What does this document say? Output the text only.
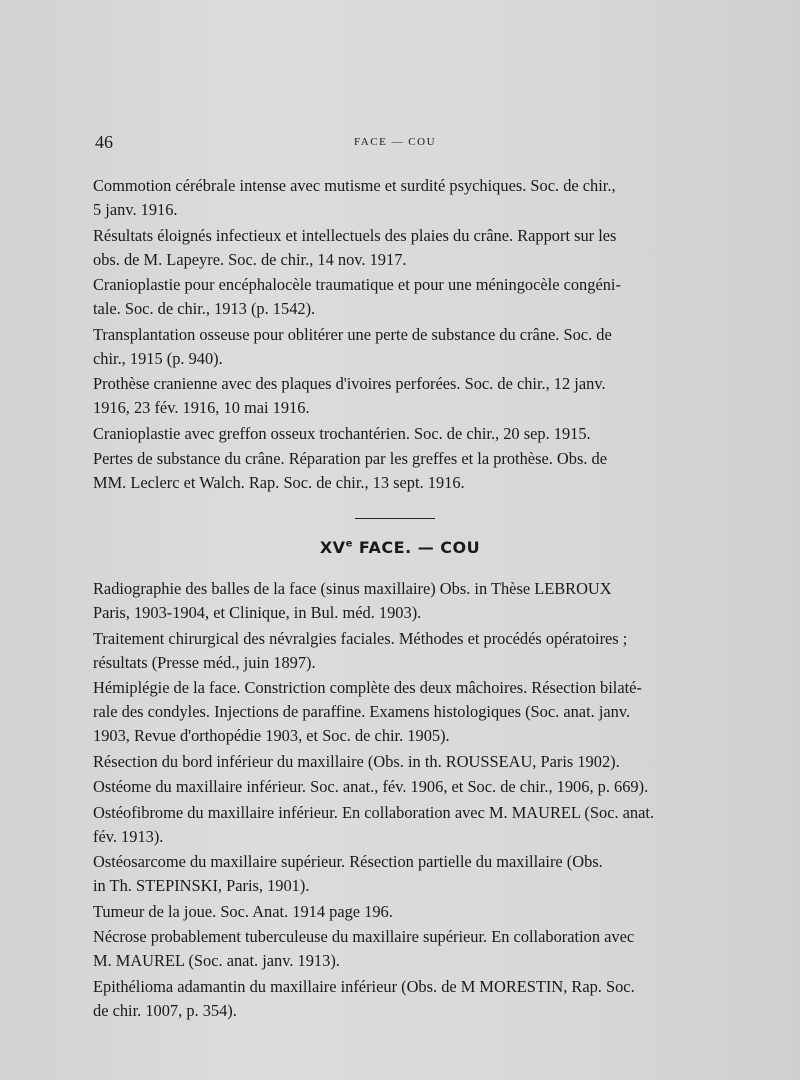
46	FACE — COU
Commotion cérébrale intense avec mutisme et surdité psychiques. Soc. de chir.,
5 janv. 1916.
Résultats éloignés infectieux et intellectuels des plaies du crâne. Rapport sur les
obs. de M. Lapeyre. Soc. de chir., 14 nov. 1917.
Cranioplastie pour encéphalocèle traumatique et pour une méningocèle congéni-
tale. Soc. de chir., 1913 (p. 1542).
Transplantation osseuse pour oblitérer une perte de substance du crâne. Soc. de
chir., 1915 (p. 940).
Prothèse cranienne avec des plaques d'ivoires perforées. Soc. de chir., 12 janv.
1916, 23 fév. 1916, 10 mai 1916.
Cranioplastie avec greffon osseux trochantérien. Soc. de chir., 20 sep. 1915.
Pertes de substance du crâne. Réparation par les greffes et la prothèse. Obs. de
MM. Leclerc et Walch. Rap. Soc. de chir., 13 sept. 1916.
XVe FACE. — COU
Radiographie des balles de la face (sinus maxillaire) Obs. in Thèse LEBROUX
Paris, 1903-1904, et Clinique, in Bul. méd. 1903).
Traitement chirurgical des névralgies faciales. Méthodes et procédés opératoires ;
résultats (Presse méd., juin 1897).
Hémiplégie de la face. Constriction complète des deux mâchoires. Résection bilaté-
rale des condyles. Injections de paraffine. Examens histologiques (Soc. anat. janv.
1903, Revue d'orthopédie 1903, et Soc. de chir. 1905).
Résection du bord inférieur du maxillaire (Obs. in th. ROUSSEAU, Paris 1902).
Ostéome du maxillaire inférieur. Soc. anat., fév. 1906, et Soc. de chir., 1906, p. 669).
Ostéofibrome du maxillaire inférieur. En collaboration avec M. MAUREL (Soc. anat.
fév. 1913).
Ostéosarcome du maxillaire supérieur. Résection partielle du maxillaire (Obs.
in Th. STEPINSKI, Paris, 1901).
Tumeur de la joue. Soc. Anat. 1914 page 196.
Nécrose probablement tuberculeuse du maxillaire supérieur. En collaboration avec
M. MAUREL (Soc. anat. janv. 1913).
Epithélioma adamantin du maxillaire inférieur (Obs. de M MORESTIN, Rap. Soc.
de chir. 1007, p. 354).
